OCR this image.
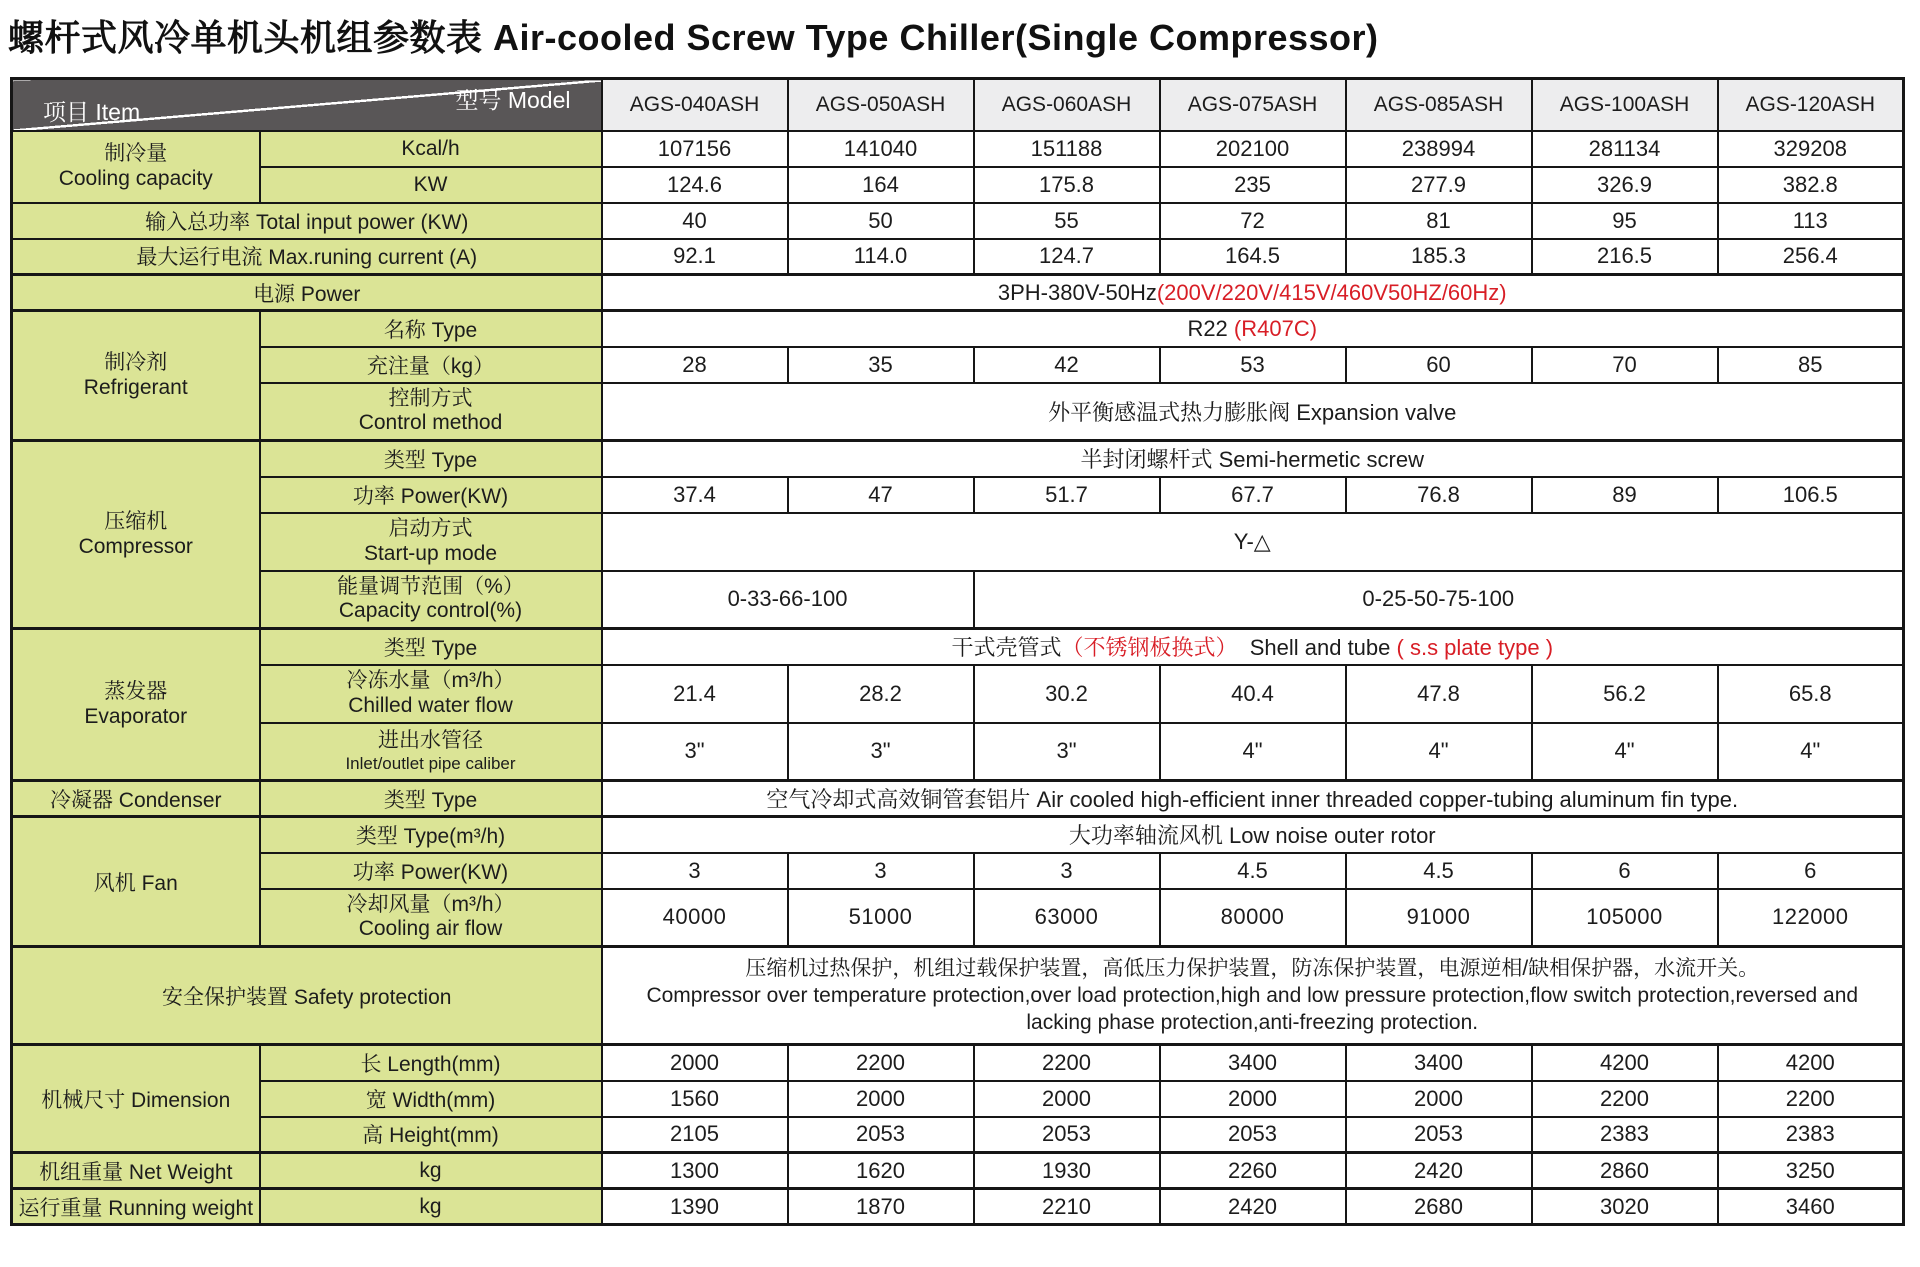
螺杆式风冷单机头机组参数表 Air-cooled Screw Type Chiller(Single Compressor)
型号 Model
项目 Item		AGS-040ASH	AGS-050ASH	AGS-060ASH	AGS-075ASH	AGS-085ASH	AGS-100ASH	AGS-120ASH

制冷量
Cooling capacity	Kcal/h	107156	141040	151188	202100	238994	281134	329208
	KW	124.6	164	175.8	235	277.9	326.9	382.8
输入总功率 Total input power (KW)		40	50	55	72	81	95	113
最大运行电流 Max.runing current (A)		92.1	114.0	124.7	164.5	185.3	216.5	256.4
电源 Power		3PH-380V-50Hz(200V/220V/415V/460V50HZ/60Hz)						

制冷剂
Refrigerant	名称 Type	R22 (R407C)						
	充注量（kg）	28	35	42	53	60	70	85

	控制方式
Control method	外平衡感温式热力膨胀阀 Expansion valve						

压缩机
Compressor	类型 Type	半封闭螺杆式 Semi-hermetic screw						
	功率 Power(KW)	37.4	47	51.7	67.7	76.8	89	106.5

	启动方式
Start-up mode	Y-△						

	能量调节范围（%）
Capacity control(%)	0-33-66-100		0-25-50-75-100				

蒸发器
Evaporator	类型 Type	干式壳管式（不锈钢板换式） Shell and tube ( s.s plate type )						

	冷冻水量（m³/h）
Chilled water flow	21.4	28.2	30.2	40.4	47.8	56.2	65.8

	进出水管径
Inlet/outlet pipe caliber	3"	3"	3"	4"	4"	4"	4"
冷凝器 Condenser	类型 Type	空气冷却式高效铜管套铝片 Air cooled high-efficient inner threaded copper-tubing aluminum fin type.						
风机 Fan	类型 Type(m³/h)	大功率轴流风机 Low noise outer rotor						
	功率 Power(KW)	3	3	3	4.5	4.5	6	6

	冷却风量（m³/h）
Cooling air flow	40000	51000	63000	80000	91000	105000	122000
安全保护装置 Safety protection		压缩机过热保护，机组过载保护装置，高低压力保护装置，防冻保护装置，电源逆相/缺相保护器，水流开关。
Compressor over temperature protection,over load protection,high and low pressure protection,flow switch protection,reversed and lacking phase protection,anti-freezing protection.						

机械尺寸 Dimension	长 Length(mm)	2000	2200	2200	3400	3400	4200	4200
	宽 Width(mm)	1560	2000	2000	2000	2000	2200	2200
	高 Height(mm)	2105	2053	2053	2053	2053	2383	2383
机组重量 Net Weight	kg	1300	1620	1930	2260	2420	2860	3250
运行重量 Running weight	kg	1390	1870	2210	2420	2680	3020	3460
